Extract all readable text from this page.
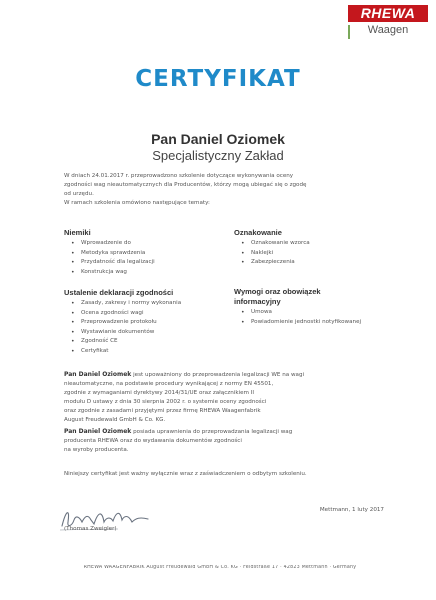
RHEWA
Waagen
CERTYFIKAT
Pan Daniel Oziomek
Specjalistyczny Zakład
W dniach 24.01.2017 r. przeprowadzono szkolenie dotyczące wykonywania oceny
zgodności wag nieautomatycznych dla Producentów, którzy mogą ubiegać się o zgodę
od urzędu.
W ramach szkolenia omówiono następujące tematy:
Niemiki
• Wprowadzenie do
• Metodyka sprawdzenia
• Przydatność dla legalizacji
• Konstrukcja wag
Oznakowanie
• Oznakowanie wzorca
• Naklejki
• Zabezpieczenia
Ustalenie deklaracji zgodności
• Zasady, zakresy i normy wykonania
• Ocena zgodności wagi
• Przeprowadzenie protokołu
• Wystawianie dokumentów
• Zgodność CE
• Certyfikat
Wymogi oraz obowiązek informacyjny
• Umowa
• Powiadomienie jednostki notyfikowanej
Pan Daniel Oziomek jest upoważniony do przeprowadzenia legalizacji WE na wagi
nieautomatyczne, na podstawie procedury wynikającej z normy EN 45501,
zgodnie z wymaganiami dyrektywy 2014/31/UE oraz załącznikiem II
modułu D ustawy z dnia 30 sierpnia 2002 r. o systemie oceny zgodności
oraz zgodnie z zasadami przyjętymi przez firmę RHEWA Waagenfabrik
August Freudewald GmbH & Co. KG.
Pan Daniel Oziomek posiada uprawnienia do przeprowadzania legalizacji wag
producenta RHEWA oraz do wydawania dokumentów zgodności
na wyroby producenta.
Niniejszy certyfikat jest ważny wyłącznie wraz z zaświadczeniem o odbytym szkoleniu.
Mettmann, 1 luty 2017
(Thomas Zweigler)
RHEWA WAAGENFABRIK August Freudewald GmbH & Co. KG · Feldstraße 17 · 42823 Mettmann · Germany
